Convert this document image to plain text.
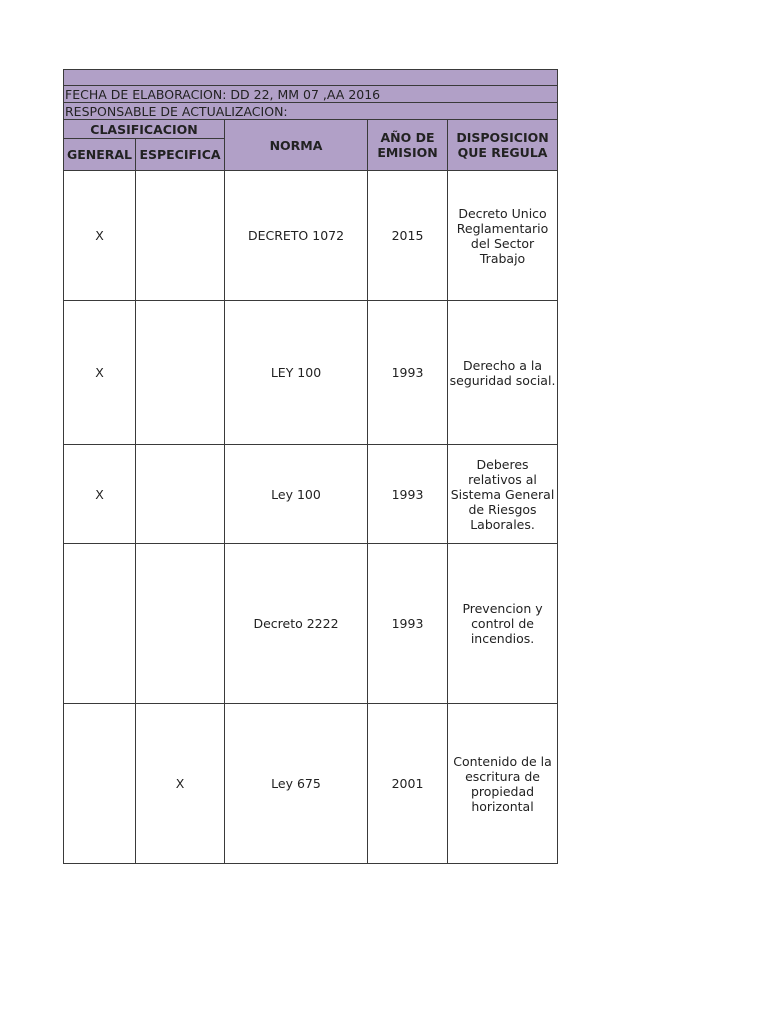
FECHA DE ELABORACION: DD 22, MM 07 ,AA 2016				
RESPONSABLE DE ACTUALIZACION:				
CLASIFICACION		NORMA	AÑO DE EMISION	DISPOSICION QUE REGULA
GENERAL	ESPECIFICA			
X		DECRETO 1072	2015	Decreto Unico Reglamentario del Sector Trabajo

X		LEY 100	1993	Derecho a la seguridad social.

X		Ley 100	1993	Deberes relativos al Sistema General de Riesgos Laborales.

		Decreto 2222	1993	Prevencion y control de incendios.

	X	Ley 675	2001	Contenido de la escritura de propiedad horizontal
